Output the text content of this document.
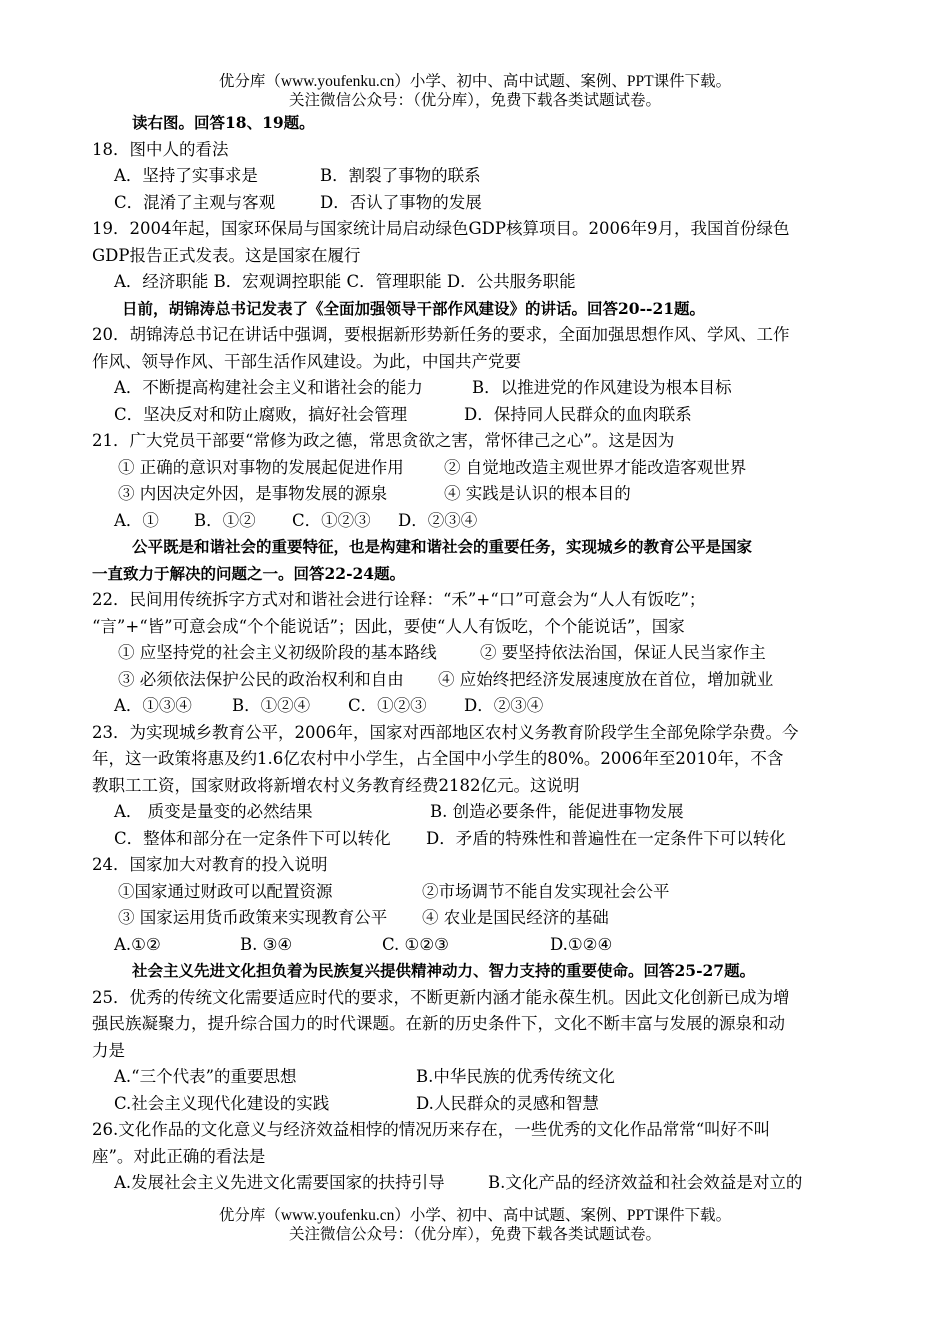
优分库（www.youfenku.cn）小学、初中、高中试题、案例、PPT课件下载。
关注微信公众号：（优分库），免费下载各类试题试卷。
读右图。回答18、19题。
18．图中人的看法
A．坚持了实事求是	B．割裂了事物的联系
C．混淆了主观与客观	D．否认了事物的发展
19．2004年起，国家环保局与国家统计局启动绿色GDP核算项目。2006年9月，我国首份绿色
GDP报告正式发表。这是国家在履行
A．经济职能 B．宏观调控职能 C．管理职能 D．公共服务职能
日前，胡锦涛总书记发表了《全面加强领导干部作风建设》的讲话。回答20--21题。
20．胡锦涛总书记在讲话中强调，要根据新形势新任务的要求，全面加强思想作风、学风、工作
作风、领导作风、干部生活作风建设。为此，中国共产党要
A．不断提高构建社会主义和谐社会的能力	B．以推进党的作风建设为根本目标
C．坚决反对和防止腐败，搞好社会管理	D．保持同人民群众的血肉联系
21．广大党员干部要“常修为政之德，常思贪欲之害，常怀律己之心”。这是因为
① 正确的意识对事物的发展起促进作用 ② 自觉地改造主观世界才能改造客观世界
③ 内因决定外因，是事物发展的源泉	④ 实践是认识的根本目的
A．① B．①② C．①②③ D．②③④
公平既是和谐社会的重要特征，也是构建和谐社会的重要任务，实现城乡的教育公平是国家
一直致力于解决的问题之一。回答22-24题。
22．民间用传统拆字方式对和谐社会进行诠释：“禾”+“口”可意会为“人人有饭吃”；
“言”+“皆”可意会成“个个能说话”；因此，要使“人人有饭吃，个个能说话”，国家
① 应坚持党的社会主义初级阶段的基本路线	② 要坚持依法治国，保证人民当家作主
③ 必须依法保护公民的政治权利和自由 ④ 应始终把经济发展速度放在首位，增加就业
A．①③④ B．①②④ C．①②③ D．②③④
23．为实现城乡教育公平，2006年，国家对西部地区农村义务教育阶段学生全部免除学杂费。今
年，这一政策将惠及约1.6亿农村中小学生，占全国中小学生的80%。2006年至2010年，不含
教职工工资，国家财政将新增农村义务教育经费2182亿元。这说明
A． 质变是量变的必然结果	B. 创造必要条件，能促进事物发展
C．整体和部分在一定条件下可以转化 D．矛盾的特殊性和普遍性在一定条件下可以转化
24．国家加大对教育的投入说明
①国家通过财政可以配置资源	②市场调节不能自发实现社会公平
③ 国家运用货币政策来实现教育公平 ④ 农业是国民经济的基础
A.①②	B. ③④	C. ①②③	D.①②④
社会主义先进文化担负着为民族复兴提供精神动力、智力支持的重要使命。回答25-27题。
25．优秀的传统文化需要适应时代的要求，不断更新内涵才能永葆生机。因此文化创新已成为增
强民族凝聚力，提升综合国力的时代课题。在新的历史条件下，文化不断丰富与发展的源泉和动
力是
A.“三个代表”的重要思想	B.中华民族的优秀传统文化
C.社会主义现代化建设的实践	D.人民群众的灵感和智慧
26.文化作品的文化意义与经济效益相悖的情况历来存在，一些优秀的文化作品常常“叫好不叫
座”。对此正确的看法是
A.发展社会主义先进文化需要国家的扶持引导	B.文化产品的经济效益和社会效益是对立的
优分库（www.youfenku.cn）小学、初中、高中试题、案例、PPT课件下载。
关注微信公众号：（优分库），免费下载各类试题试卷。
